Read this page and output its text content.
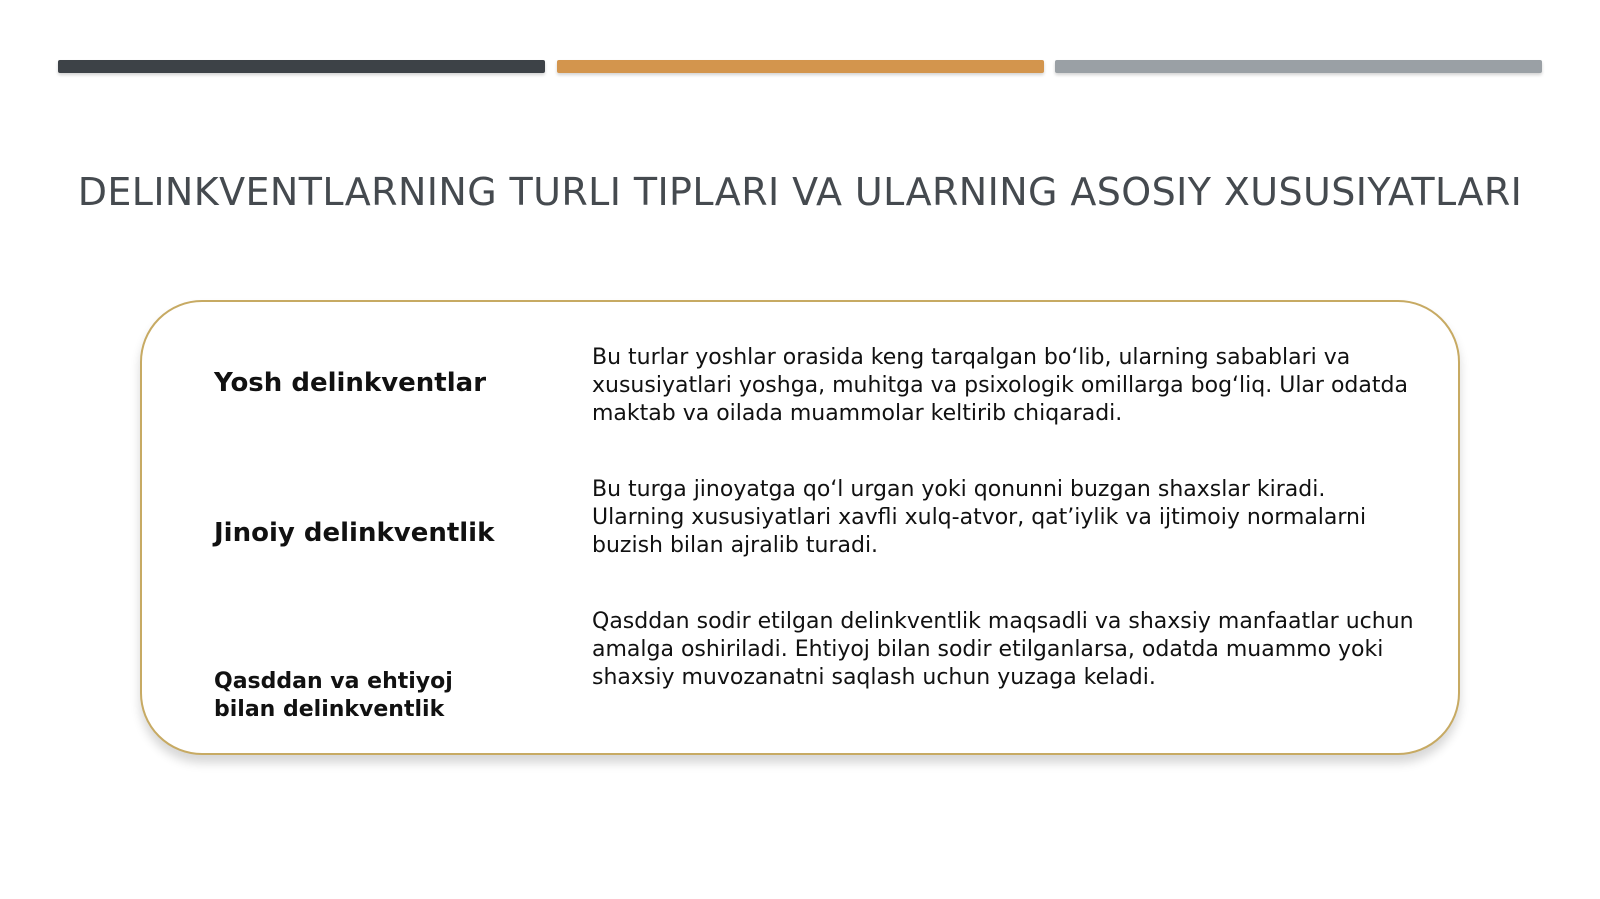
DELINKVENTLARNING TURLI TIPLARI VA ULARNING ASOSIY XUSUSIYATLARI
Yosh delinkventlar
Bu turlar yoshlar orasida keng tarqalgan bo‘lib, ularning sabablari va xususiyatlari yoshga, muhitga va psixologik omillarga bog‘liq. Ular odatda maktab va oilada muammolar keltirib chiqaradi.
Jinoiy delinkventlik
Bu turga jinoyatga qo‘l urgan yoki qonunni buzgan shaxslar kiradi. Ularning xususiyatlari xavfli xulq-atvor, qat’iylik va ijtimoiy normalarni buzish bilan ajralib turadi.
Qasddan va ehtiyoj bilan delinkventlik
Qasddan sodir etilgan delinkventlik maqsadli va shaxsiy manfaatlar uchun amalga oshiriladi. Ehtiyoj bilan sodir etilganlarsa, odatda muammo yoki shaxsiy muvozanatni saqlash uchun yuzaga keladi.
